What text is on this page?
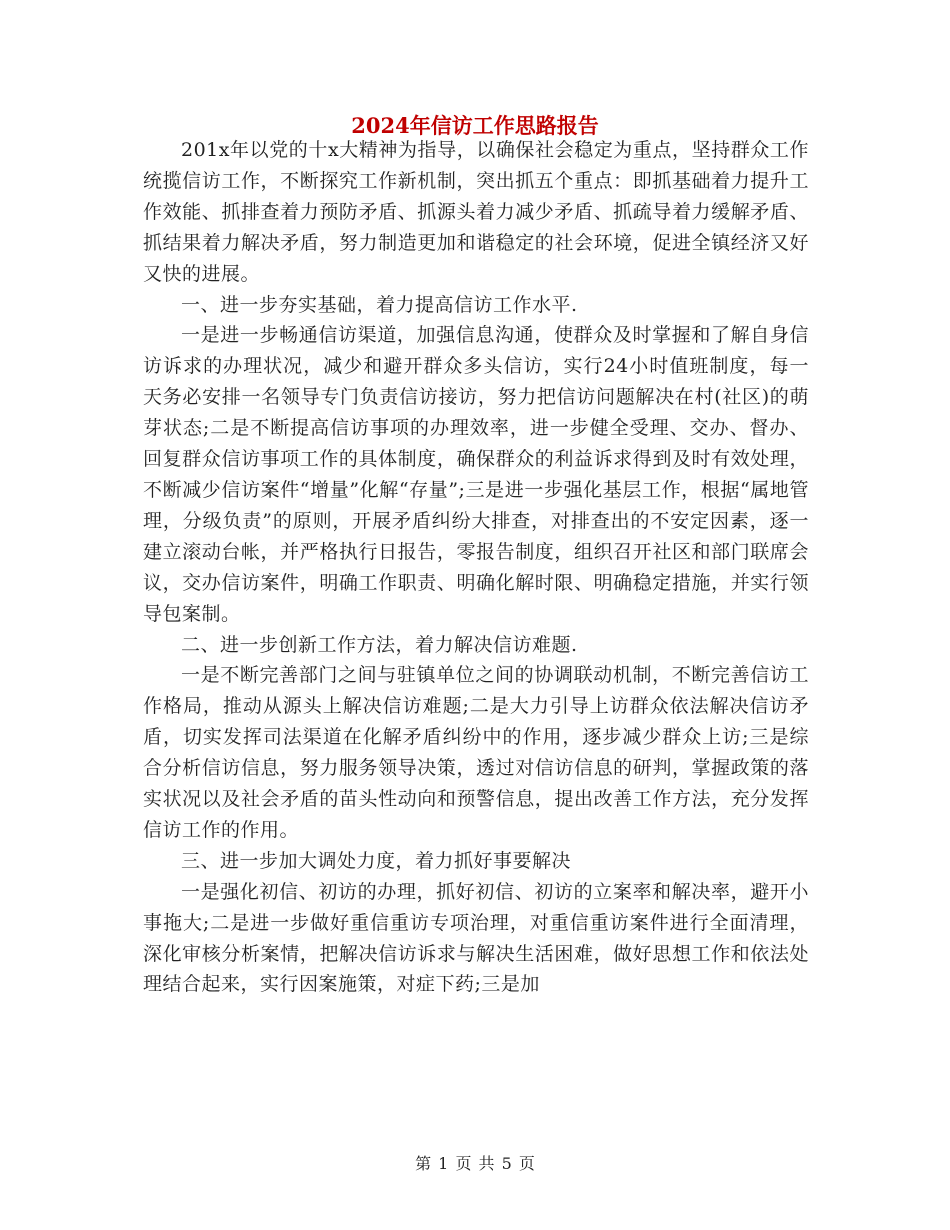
2024年信访工作思路报告

201x年以党的十x大精神为指导，以确保社会稳定为重点，坚持群众工作统揽信访工作，不断探究工作新机制，突出抓五个重点：即抓基础着力提升工作效能、抓排查着力预防矛盾、抓源头着力减少矛盾、抓疏导着力缓解矛盾、抓结果着力解决矛盾，努力制造更加和谐稳定的社会环境，促进全镇经济又好又快的进展。

一、进一步夯实基础，着力提高信访工作水平.

一是进一步畅通信访渠道，加强信息沟通，使群众及时掌握和了解自身信访诉求的办理状况，减少和避开群众多头信访，实行24小时值班制度，每一天务必安排一名领导专门负责信访接访，努力把信访问题解决在村(社区)的萌芽状态;二是不断提高信访事项的办理效率，进一步健全受理、交办、督办、回复群众信访事项工作的具体制度，确保群众的利益诉求得到及时有效处理，不断减少信访案件“增量”化解“存量”;三是进一步强化基层工作，根据“属地管理，分级负责”的原则，开展矛盾纠纷大排查，对排查出的不安定因素，逐一建立滚动台帐，并严格执行日报告，零报告制度，组织召开社区和部门联席会议，交办信访案件，明确工作职责、明确化解时限、明确稳定措施，并实行领导包案制。

二、进一步创新工作方法，着力解决信访难题.

一是不断完善部门之间与驻镇单位之间的协调联动机制，不断完善信访工作格局，推动从源头上解决信访难题;二是大力引导上访群众依法解决信访矛盾，切实发挥司法渠道在化解矛盾纠纷中的作用，逐步减少群众上访;三是综合分析信访信息，努力服务领导决策，透过对信访信息的研判，掌握政策的落实状况以及社会矛盾的苗头性动向和预警信息，提出改善工作方法，充分发挥信访工作的作用。

三、进一步加大调处力度，着力抓好事要解决

一是强化初信、初访的办理，抓好初信、初访的立案率和解决率，避开小事拖大;二是进一步做好重信重访专项治理，对重信重访案件进行全面清理，深化审核分析案情，把解决信访诉求与解决生活困难，做好思想工作和依法处理结合起来，实行因案施策，对症下药;三是加

第 1 页 共 5 页
